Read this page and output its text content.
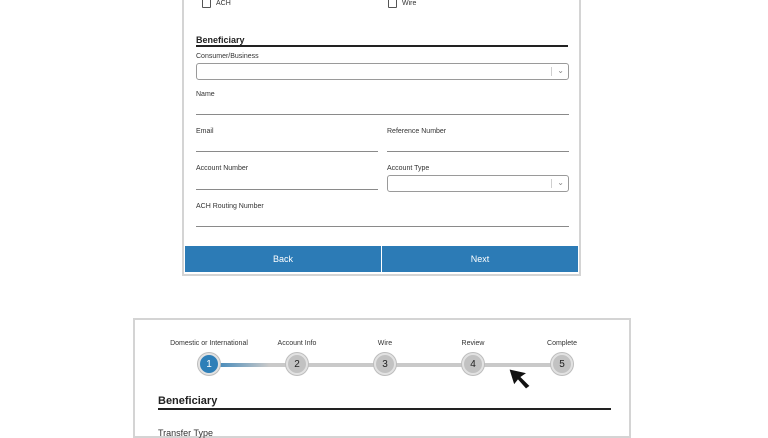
ACH	Wire
Beneficiary
Consumer/Business
⌄
Name
Email	Reference Number
Account Number	Account Type
⌄
ACH Routing Number
Back	Next
Domestic or International	Account Info	Wire	Review	Complete
1	2	3	4	5
Beneficiary
Transfer Type
